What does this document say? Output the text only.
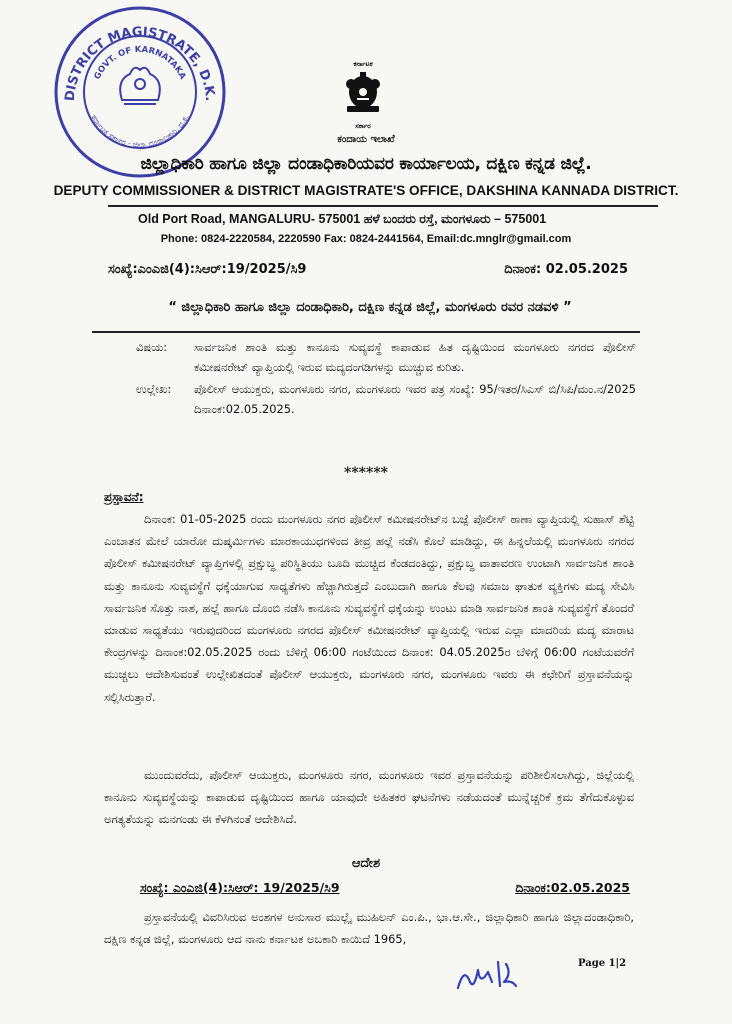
DISTRICT MAGISTRATE, D.K.
GOVT. OF KARNATAKA
ಕರ್ನಾಟಕ ಸರ್ಕಾರ · ಜಿಲ್ಲಾ ದಂಡಾಧಿಕಾರಿ, ದ.ಕ.
ಕರ್ನಾಟಕ
ಸರ್ಕಾರ
ಕಂದಾಯ ಇಲಾಖೆ
ಜಿಲ್ಲಾಧಿಕಾರಿ ಹಾಗೂ ಜಿಲ್ಲಾ ದಂಡಾಧಿಕಾರಿಯವರ ಕಾರ್ಯಾಲಯ, ದಕ್ಷಿಣ ಕನ್ನಡ ಜಿಲ್ಲೆ.
DEPUTY COMMISSIONER & DISTRICT MAGISTRATE'S OFFICE, DAKSHINA KANNADA DISTRICT.
Old Port Road, MANGALURU- 575001 ಹಳೆ ಬಂದರು ರಸ್ತೆ, ಮಂಗಳೂರು – 575001
Phone: 0824-2220584, 2220590 Fax: 0824-2441564, Email:dc.mnglr@gmail.com
ಸಂಖ್ಯೆ:ಎಂಎಜಿ(4):ಸಿಆರ್:19/2025/ಸಿ9	ದಿನಾಂಕ: 02.05.2025
“ ಜಿಲ್ಲಾಧಿಕಾರಿ ಹಾಗೂ ಜಿಲ್ಲಾ ದಂಡಾಧಿಕಾರಿ, ದಕ್ಷಿಣ ಕನ್ನಡ ಜಿಲ್ಲೆ, ಮಂಗಳೂರು ರವರ ನಡವಳಿ ”
ವಿಷಯ:	ಸಾರ್ವಜನಿಕ ಶಾಂತಿ ಮತ್ತು ಕಾನೂನು ಸುವ್ಯವಸ್ಥೆ ಕಾಪಾಡುವ ಹಿತ ದೃಷ್ಟಿಯಿಂದ ಮಂಗಳೂರು ನಗರದ ಪೊಲೀಸ್ ಕಮೀಷನರೇಟ್ ವ್ಯಾಪ್ತಿಯಲ್ಲಿ ಇರುವ ಮದ್ಯದಂಗಡಿಗಳನ್ನು ಮುಚ್ಚುವ ಕುರಿತು.
ಉಲ್ಲೇಖ:	ಪೊಲೀಸ್ ಆಯುಕ್ತರು, ಮಂಗಳೂರು ನಗರ, ಮಂಗಳೂರು ಇವರ ಪತ್ರ ಸಂಖ್ಯೆ: 95/ಇತರ/ಸಿಎಸ್ ಬಿ/ಸಿಪಿ/ಮಂ.ನ/2025 ದಿನಾಂಕ:02.05.2025.
******
ಪ್ರಸ್ತಾವನೆ:
ದಿನಾಂಕ: 01-05-2025 ರಂದು ಮಂಗಳೂರು ನಗರ ಪೊಲೀಸ್ ಕಮೀಷನರೇಟ್‌ನ ಬಜ್ಪೆ ಪೊಲೀಸ್ ಠಾಣಾ ವ್ಯಾಪ್ತಿಯಲ್ಲಿ ಸುಹಾಸ್ ಶೆಟ್ಟಿ ಎಂಬಾತನ ಮೇಲೆ ಯಾರೋ ದುಷ್ಕರ್ಮಿಗಳು ಮಾರಕಾಯುಧಗಳಿಂದ ತೀವ್ರ ಹಲ್ಲೆ ನಡೆಸಿ ಕೊಲೆ ಮಾಡಿದ್ದು, ಈ ಹಿನ್ನಲೆಯಲ್ಲಿ ಮಂಗಳೂರು ನಗರದ ಪೊಲೀಸ್ ಕಮೀಷನರೇಟ್ ವ್ಯಾಪ್ತಿಗಳಲ್ಲಿ ಪ್ರಕ್ಷುಬ್ಧ ಪರಿಸ್ಥಿತಿಯು ಬೂದಿ ಮುಚ್ಚಿದ ಕೆಂಡದಂತಿದ್ದು, ಪ್ರಕ್ಷುಬ್ಧ ವಾತಾವರಣ ಉಂಟಾಗಿ ಸಾರ್ವಜನಿಕ ಶಾಂತಿ ಮತ್ತು ಕಾನೂನು ಸುವ್ಯವಸ್ಥೆಗೆ ಧಕ್ಕೆಯಾಗುವ ಸಾಧ್ಯತೆಗಳು ಹೆಚ್ಚಾಗಿರುತ್ತದೆ ಎಂಬುದಾಗಿ ಹಾಗೂ ಕೆಲವು ಸಮಾಜ ಘಾತುಕ ವ್ಯಕ್ತಿಗಳು ಮದ್ಯ ಸೇವಿಸಿ ಸಾರ್ವಜನಿಕ ಸೊತ್ತು ನಾಶ, ಹಲ್ಲೆ ಹಾಗೂ ದೊಂಬಿ ನಡೆಸಿ ಕಾನೂನು ಸುವ್ಯವಸ್ಥೆಗೆ ಧಕ್ಕೆಯನ್ನು ಉಂಟು ಮಾಡಿ ಸಾರ್ವಜನಿಕ ಶಾಂತಿ ಸುವ್ಯವಸ್ಥೆಗೆ ತೊಂದರೆ ಮಾಡುವ ಸಾಧ್ಯತೆಯು ಇರುವುದರಿಂದ ಮಂಗಳೂರು ನಗರದ ಪೊಲೀಸ್ ಕಮೀಷನರೇಟ್ ವ್ಯಾಪ್ತಿಯಲ್ಲಿ ಇರುವ ಎಲ್ಲಾ ಮಾದರಿಯ ಮದ್ಯ ಮಾರಾಟ ಕೇಂದ್ರಗಳನ್ನು ದಿನಾಂಕ:02.05.2025 ರಂದು ಬೆಳಿಗ್ಗೆ 06:00 ಗಂಟೆಯಿಂದ ದಿನಾಂಕ: 04.05.2025ರ ಬೆಳಿಗ್ಗೆ 06:00 ಗಂಟೆಯವರೆಗೆ ಮುಚ್ಚಲು ಆದೇಶಿಸುವಂತೆ ಉಲ್ಲೇಖಿತದಂತೆ ಪೊಲೀಸ್ ಆಯುಕ್ತರು, ಮಂಗಳೂರು ನಗರ, ಮಂಗಳೂರು ಇವರು ಈ ಕಛೇರಿಗೆ ಪ್ರಸ್ತಾವನೆಯನ್ನು ಸಲ್ಲಿಸಿರುತ್ತಾರೆ.
ಮುಂದುವರೆದು, ಪೊಲೀಸ್ ಆಯುಕ್ತರು, ಮಂಗಳೂರು ನಗರ, ಮಂಗಳೂರು ಇವರ ಪ್ರಸ್ತಾವನೆಯನ್ನು ಪರಿಶೀಲಿಸಲಾಗಿದ್ದು, ಜಿಲ್ಲೆಯಲ್ಲಿ ಕಾನೂನು ಸುವ್ಯವಸ್ಥೆಯನ್ನು ಕಾಪಾಡುವ ದೃಷ್ಟಿಯಿಂದ ಹಾಗೂ ಯಾವುದೇ ಅಹಿತಕರ ಘಟನೆಗಳು ನಡೆಯದಂತೆ ಮುನ್ನೆಚ್ಚರಿಕೆ ಕ್ರಮ ತೆಗೆದುಕೊಳ್ಳುವ ಅಗತ್ಯತೆಯನ್ನು ಮನಗಂಡು ಈ ಕೆಳಗಿನಂತೆ ಆದೇಶಿಸಿದೆ.
ಆದೇಶ
ಸಂಖ್ಯೆ: ಎಂಎಜಿ(4):ಸಿಆರ್: 19/2025/ಸಿ9	ದಿನಾಂಕ:02.05.2025
ಪ್ರಸ್ತಾವನೆಯಲ್ಲಿ ವಿವರಿಸಿರುವ ಅಂಶಗಳ ಅನುಸಾರ ಮುಲ್ಲೈ ಮುಹಿಲನ್ ಎಂ.ಪಿ., ಭಾ.ಆ.ಸೇ., ಜಿಲ್ಲಾಧಿಕಾರಿ ಹಾಗೂ ಜಿಲ್ಲಾದಂಡಾಧಿಕಾರಿ, ದಕ್ಷಿಣ ಕನ್ನಡ ಜಿಲ್ಲೆ, ಮಂಗಳೂರು ಆದ ನಾನು ಕರ್ನಾಟಕ ಅಬಕಾರಿ ಕಾಯಿದೆ 1965,
Page 1|2
